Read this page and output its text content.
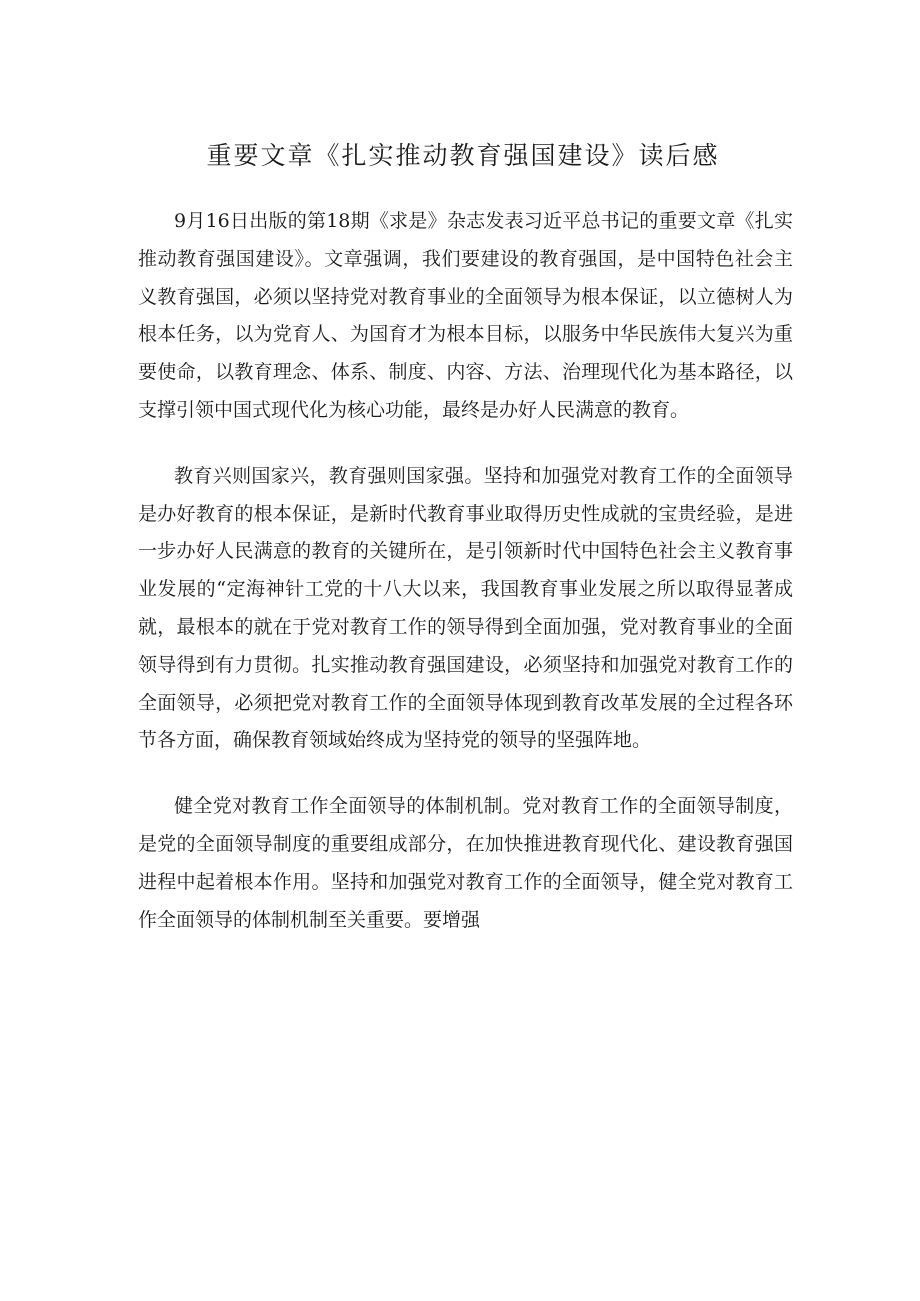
重要文章《扎实推动教育强国建设》读后感

9月16日出版的第18期《求是》杂志发表习近平总书记的重要文章《扎实推动教育强国建设》。文章强调，我们要建设的教育强国，是中国特色社会主义教育强国，必须以坚持党对教育事业的全面领导为根本保证，以立德树人为根本任务，以为党育人、为国育才为根本目标，以服务中华民族伟大复兴为重要使命，以教育理念、体系、制度、内容、方法、治理现代化为基本路径，以支撑引领中国式现代化为核心功能，最终是办好人民满意的教育。

教育兴则国家兴，教育强则国家强。坚持和加强党对教育工作的全面领导是办好教育的根本保证，是新时代教育事业取得历史性成就的宝贵经验，是进一步办好人民满意的教育的关键所在，是引领新时代中国特色社会主义教育事业发展的“定海神针工党的十八大以来，我国教育事业发展之所以取得显著成就，最根本的就在于党对教育工作的领导得到全面加强，党对教育事业的全面领导得到有力贯彻。扎实推动教育强国建设，必须坚持和加强党对教育工作的全面领导，必须把党对教育工作的全面领导体现到教育改革发展的全过程各环节各方面，确保教育领域始终成为坚持党的领导的坚强阵地。

健全党对教育工作全面领导的体制机制。党对教育工作的全面领导制度，是党的全面领导制度的重要组成部分，在加快推进教育现代化、建设教育强国进程中起着根本作用。坚持和加强党对教育工作的全面领导，健全党对教育工作全面领导的体制机制至关重要。要增强
